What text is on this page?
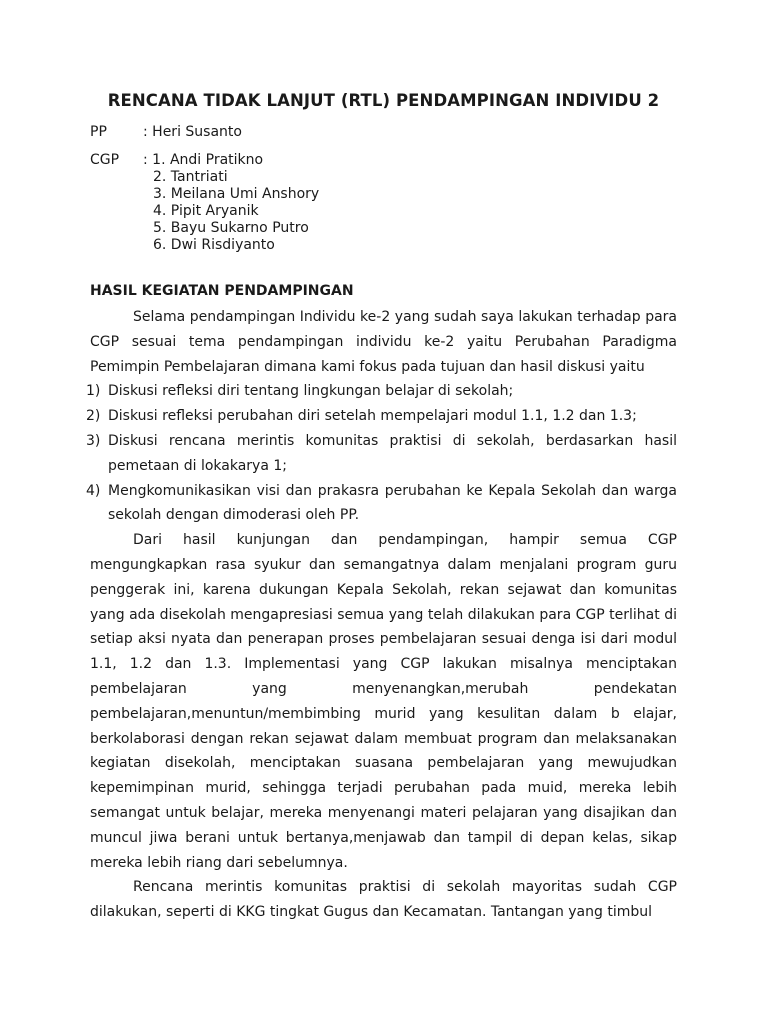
RENCANA TIDAK LANJUT (RTL) PENDAMPINGAN INDIVIDU 2
PP	: Heri Susanto
CGP : 1. Andi Pratikno
2. Tantriati
3. Meilana Umi Anshory
4. Pipit Aryanik
5. Bayu Sukarno Putro
6. Dwi Risdiyanto
HASIL KEGIATAN PENDAMPINGAN

Selama pendampingan Individu ke-2 yang sudah saya lakukan terhadap para CGP sesuai tema pendampingan individu ke-2 yaitu Perubahan Paradigma Pemimpin Pembelajaran dimana kami fokus pada tujuan dan hasil diskusi yaitu

1) Diskusi refleksi diri tentang lingkungan belajar di sekolah;
2) Diskusi refleksi perubahan diri setelah mempelajari modul 1.1, 1.2 dan 1.3;
3) Diskusi rencana merintis komunitas praktisi di sekolah, berdasarkan hasil pemetaan di lokakarya 1;
4) Mengkomunikasikan visi dan prakasra perubahan ke Kepala Sekolah dan warga sekolah dengan dimoderasi oleh PP.

Dari hasil kunjungan dan pendampingan, hampir semua CGP mengungkapkan rasa syukur dan semangatnya dalam menjalani program guru penggerak ini, karena dukungan Kepala Sekolah, rekan sejawat dan komunitas yang ada disekolah mengapresiasi semua yang telah dilakukan para CGP terlihat di setiap aksi nyata dan penerapan proses pembelajaran sesuai denga isi dari modul 1.1, 1.2 dan 1.3. Implementasi yang CGP lakukan misalnya menciptakan pembelajaran yang menyenangkan,merubah pendekatan pembelajaran,menuntun/membimbing murid yang kesulitan dalam b elajar, berkolaborasi dengan rekan sejawat dalam membuat program dan melaksanakan kegiatan disekolah, menciptakan suasana pembelajaran yang mewujudkan kepemimpinan murid, sehingga terjadi perubahan pada muid, mereka lebih semangat untuk belajar, mereka menyenangi materi pelajaran yang disajikan dan muncul jiwa berani untuk bertanya,menjawab dan tampil di depan kelas, sikap mereka lebih riang dari sebelumnya.

Rencana merintis komunitas praktisi di sekolah mayoritas sudah CGP dilakukan, seperti di KKG tingkat Gugus dan Kecamatan. Tantangan yang timbul
